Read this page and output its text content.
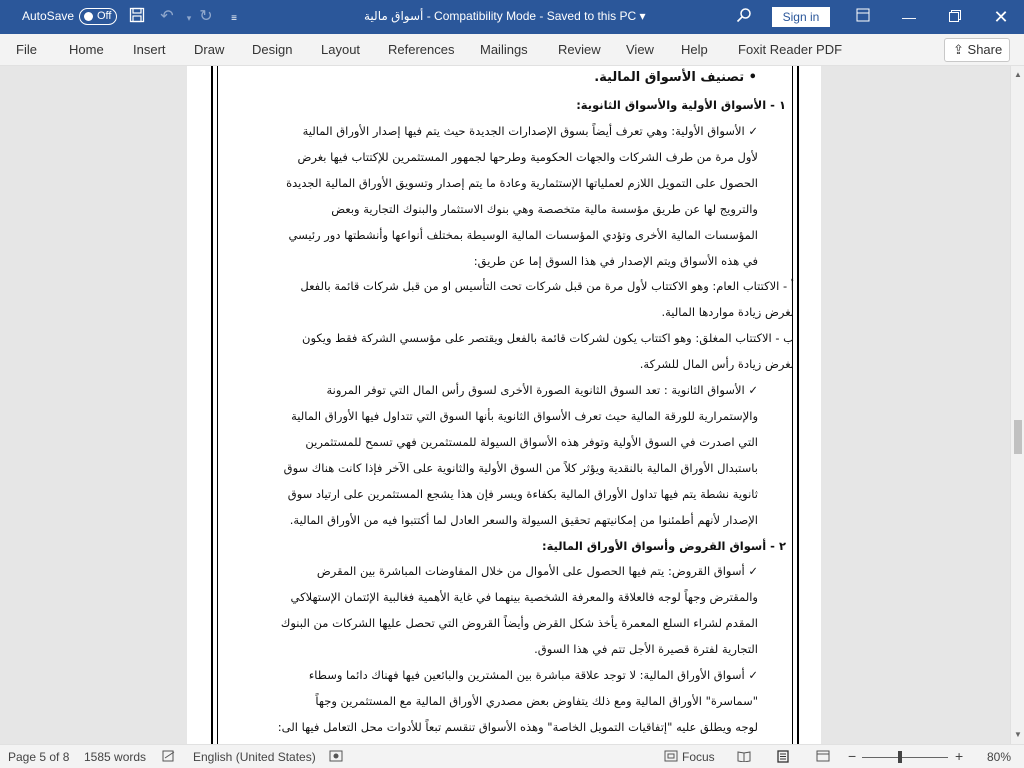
AutoSave Off	↶	▾ ↻	≡	أسواق مالية - Compatibility Mode - Saved to this PC ▾	Sign in	—	✕
File Home Insert Draw Design Layout References Mailings Review View Help Foxit Reader PDF	⇪ Share
• تصنيف الأسواق المالية.
١ - الأسواق الأولية والأسواق الثانوية:
✓ الأسواق الأولية: وهي تعرف أيضاً بسوق الإصدارات الجديدة حيث يتم فيها إصدار الأوراق المالية
لأول مرة من طرف الشركات والجهات الحكومية وطرحها لجمهور المستثمرين للإكتتاب فيها بغرض
الحصول على التمويل اللازم لعملياتها الإستثمارية وعادة ما يتم إصدار وتسويق الأوراق المالية الجديدة
والترويج لها عن طريق مؤسسة مالية متخصصة وهي بنوك الاستثمار والبنوك التجارية وبعض
المؤسسات المالية الأخرى وتؤدي المؤسسات المالية الوسيطة بمختلف أنواعها وأنشطتها دور رئيسي
في هذه الأسواق ويتم الإصدار في هذا السوق إما عن طريق:
أ - الاكتتاب العام: وهو الاكتتاب لأول مرة من قبل شركات تحت التأسيس او من قبل شركات قائمة بالفعل
بغرض زيادة مواردها المالية.
ب - الاكتتاب المغلق: وهو اكتتاب يكون لشركات قائمة بالفعل ويقتصر على مؤسسي الشركة فقط ويكون
بغرض زيادة رأس المال للشركة.
✓ الأسواق الثانوية : تعد السوق الثانوية الصورة الأخرى لسوق رأس المال التي توفر المرونة
والإستمرارية للورقة المالية حيث تعرف الأسواق الثانوية بأنها السوق التي تتداول فيها الأوراق المالية
التي اصدرت في السوق الأولية وتوفر هذه الأسواق السيولة للمستثمرين فهي تسمح للمستثمرين
باستبدال الأوراق المالية بالنقدية ويؤثر كلاً من السوق الأولية والثانوية على الآخر فإذا كانت هناك سوق
ثانوية نشطة يتم فيها تداول الأوراق المالية بكفاءة ويسر فإن هذا يشجع المستثمرين على ارتياد سوق
الإصدار لأنهم أطمئنوا من إمكانيتهم تحقيق السيولة والسعر العادل لما أكتتبوا فيه من الأوراق المالية.
٢ - أسواق القروض وأسواق الأوراق المالية:
✓ أسواق القروض: يتم فيها الحصول على الأموال من خلال المفاوضات المباشرة بين المقرض
والمقترض وجهاً لوجه فالعلاقة والمعرفة الشخصية بينهما في غاية الأهمية فغالبية الإئتمان الإستهلاكي
المقدم لشراء السلع المعمرة يأخذ شكل القرض وأيضاً القروض التي تحصل عليها الشركات من البنوك
التجارية لفترة قصيرة الأجل تتم في هذا السوق.
✓ أسواق الأوراق المالية: لا توجد علاقة مباشرة بين المشترين والبائعين فيها فهناك دائما وسطاء
"سماسرة" الأوراق المالية ومع ذلك يتفاوض بعض مصدري الأوراق المالية مع المستثمرين وجهاً
لوجه ويطلق عليه "إتفاقيات التمويل الخاصة" وهذه الأسواق تنقسم تبعاً للأدوات محل التعامل فيها الى:
▲
▼
Page 5 of 8 1585 words	English (United States)	Focus	−	+ 80%
